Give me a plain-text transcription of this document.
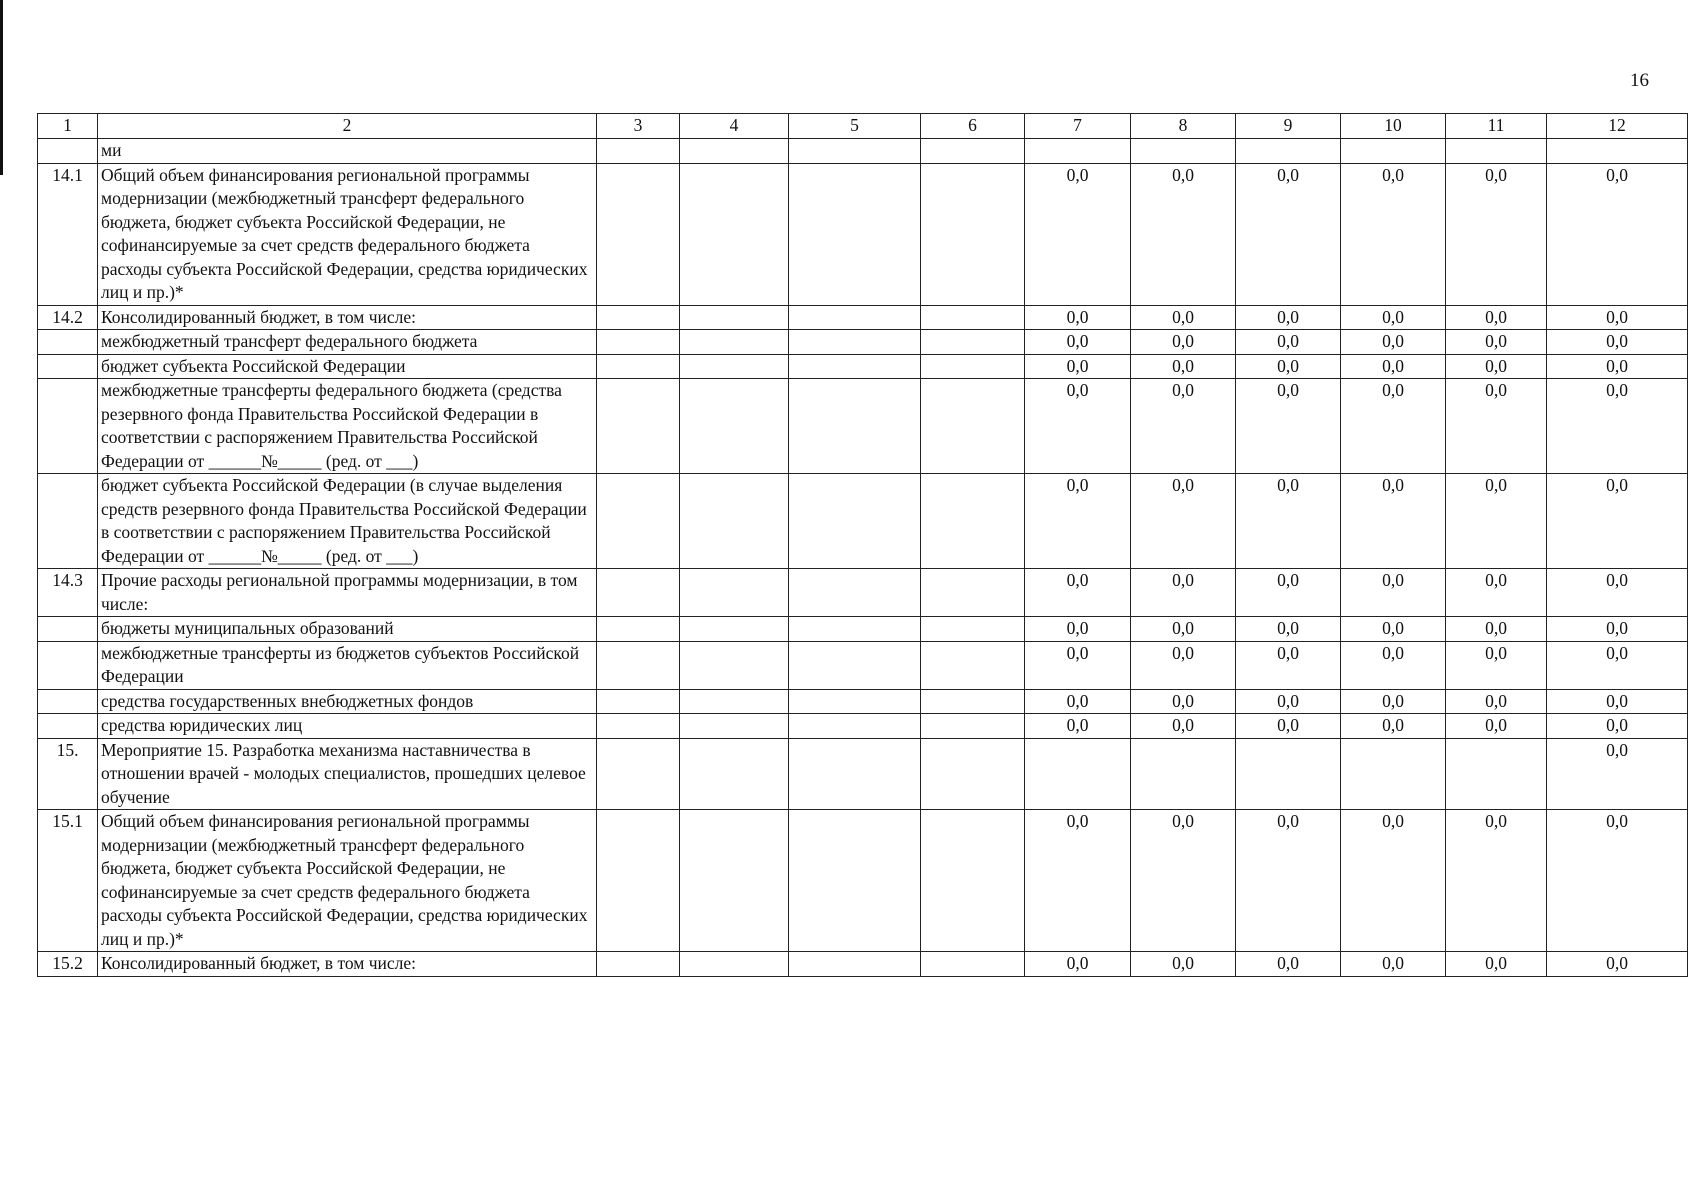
16
1	2	3	4	5	6	7	8	9	10	11	12
	ми										
14.1	Общий объем финансирования региональной программы модернизации (межбюджетный трансферт федерального бюджета, бюджет субъекта Российской Федерации, не софинансируемые за счет средств федерального бюджета расходы субъекта Российской Федерации, средства юридических лиц и пр.)*					0,0	0,0	0,0	0,0	0,0	0,0
14.2	Консолидированный бюджет, в том числе:					0,0	0,0	0,0	0,0	0,0	0,0
	межбюджетный трансферт федерального бюджета					0,0	0,0	0,0	0,0	0,0	0,0
	бюджет субъекта Российской Федерации					0,0	0,0	0,0	0,0	0,0	0,0
	межбюджетные трансферты федерального бюджета (средства резервного фонда Правительства Российской Федерации в соответствии с распоряжением Правительства Российской Федерации от ______№_____ (ред. от ___)					0,0	0,0	0,0	0,0	0,0	0,0
	бюджет субъекта Российской Федерации (в случае выделения средств резервного фонда Правительства Российской Федерации в соответствии с распоряжением Правительства Российской Федерации от ______№_____ (ред. от ___)					0,0	0,0	0,0	0,0	0,0	0,0
14.3	Прочие расходы региональной программы модернизации, в том числе:					0,0	0,0	0,0	0,0	0,0	0,0
	бюджеты муниципальных образований					0,0	0,0	0,0	0,0	0,0	0,0
	межбюджетные трансферты из бюджетов субъектов Российской Федерации					0,0	0,0	0,0	0,0	0,0	0,0
	средства государственных внебюджетных фондов					0,0	0,0	0,0	0,0	0,0	0,0
	средства юридических лиц					0,0	0,0	0,0	0,0	0,0	0,0
15.	Мероприятие 15. Разработка механизма наставничества в отношении врачей - молодых специалистов, прошедших целевое обучение										0,0
15.1	Общий объем финансирования региональной программы модернизации (межбюджетный трансферт федерального бюджета, бюджет субъекта Российской Федерации, не софинансируемые за счет средств федерального бюджета расходы субъекта Российской Федерации, средства юридических лиц и пр.)*					0,0	0,0	0,0	0,0	0,0	0,0
15.2	Консолидированный бюджет, в том числе:					0,0	0,0	0,0	0,0	0,0	0,0
